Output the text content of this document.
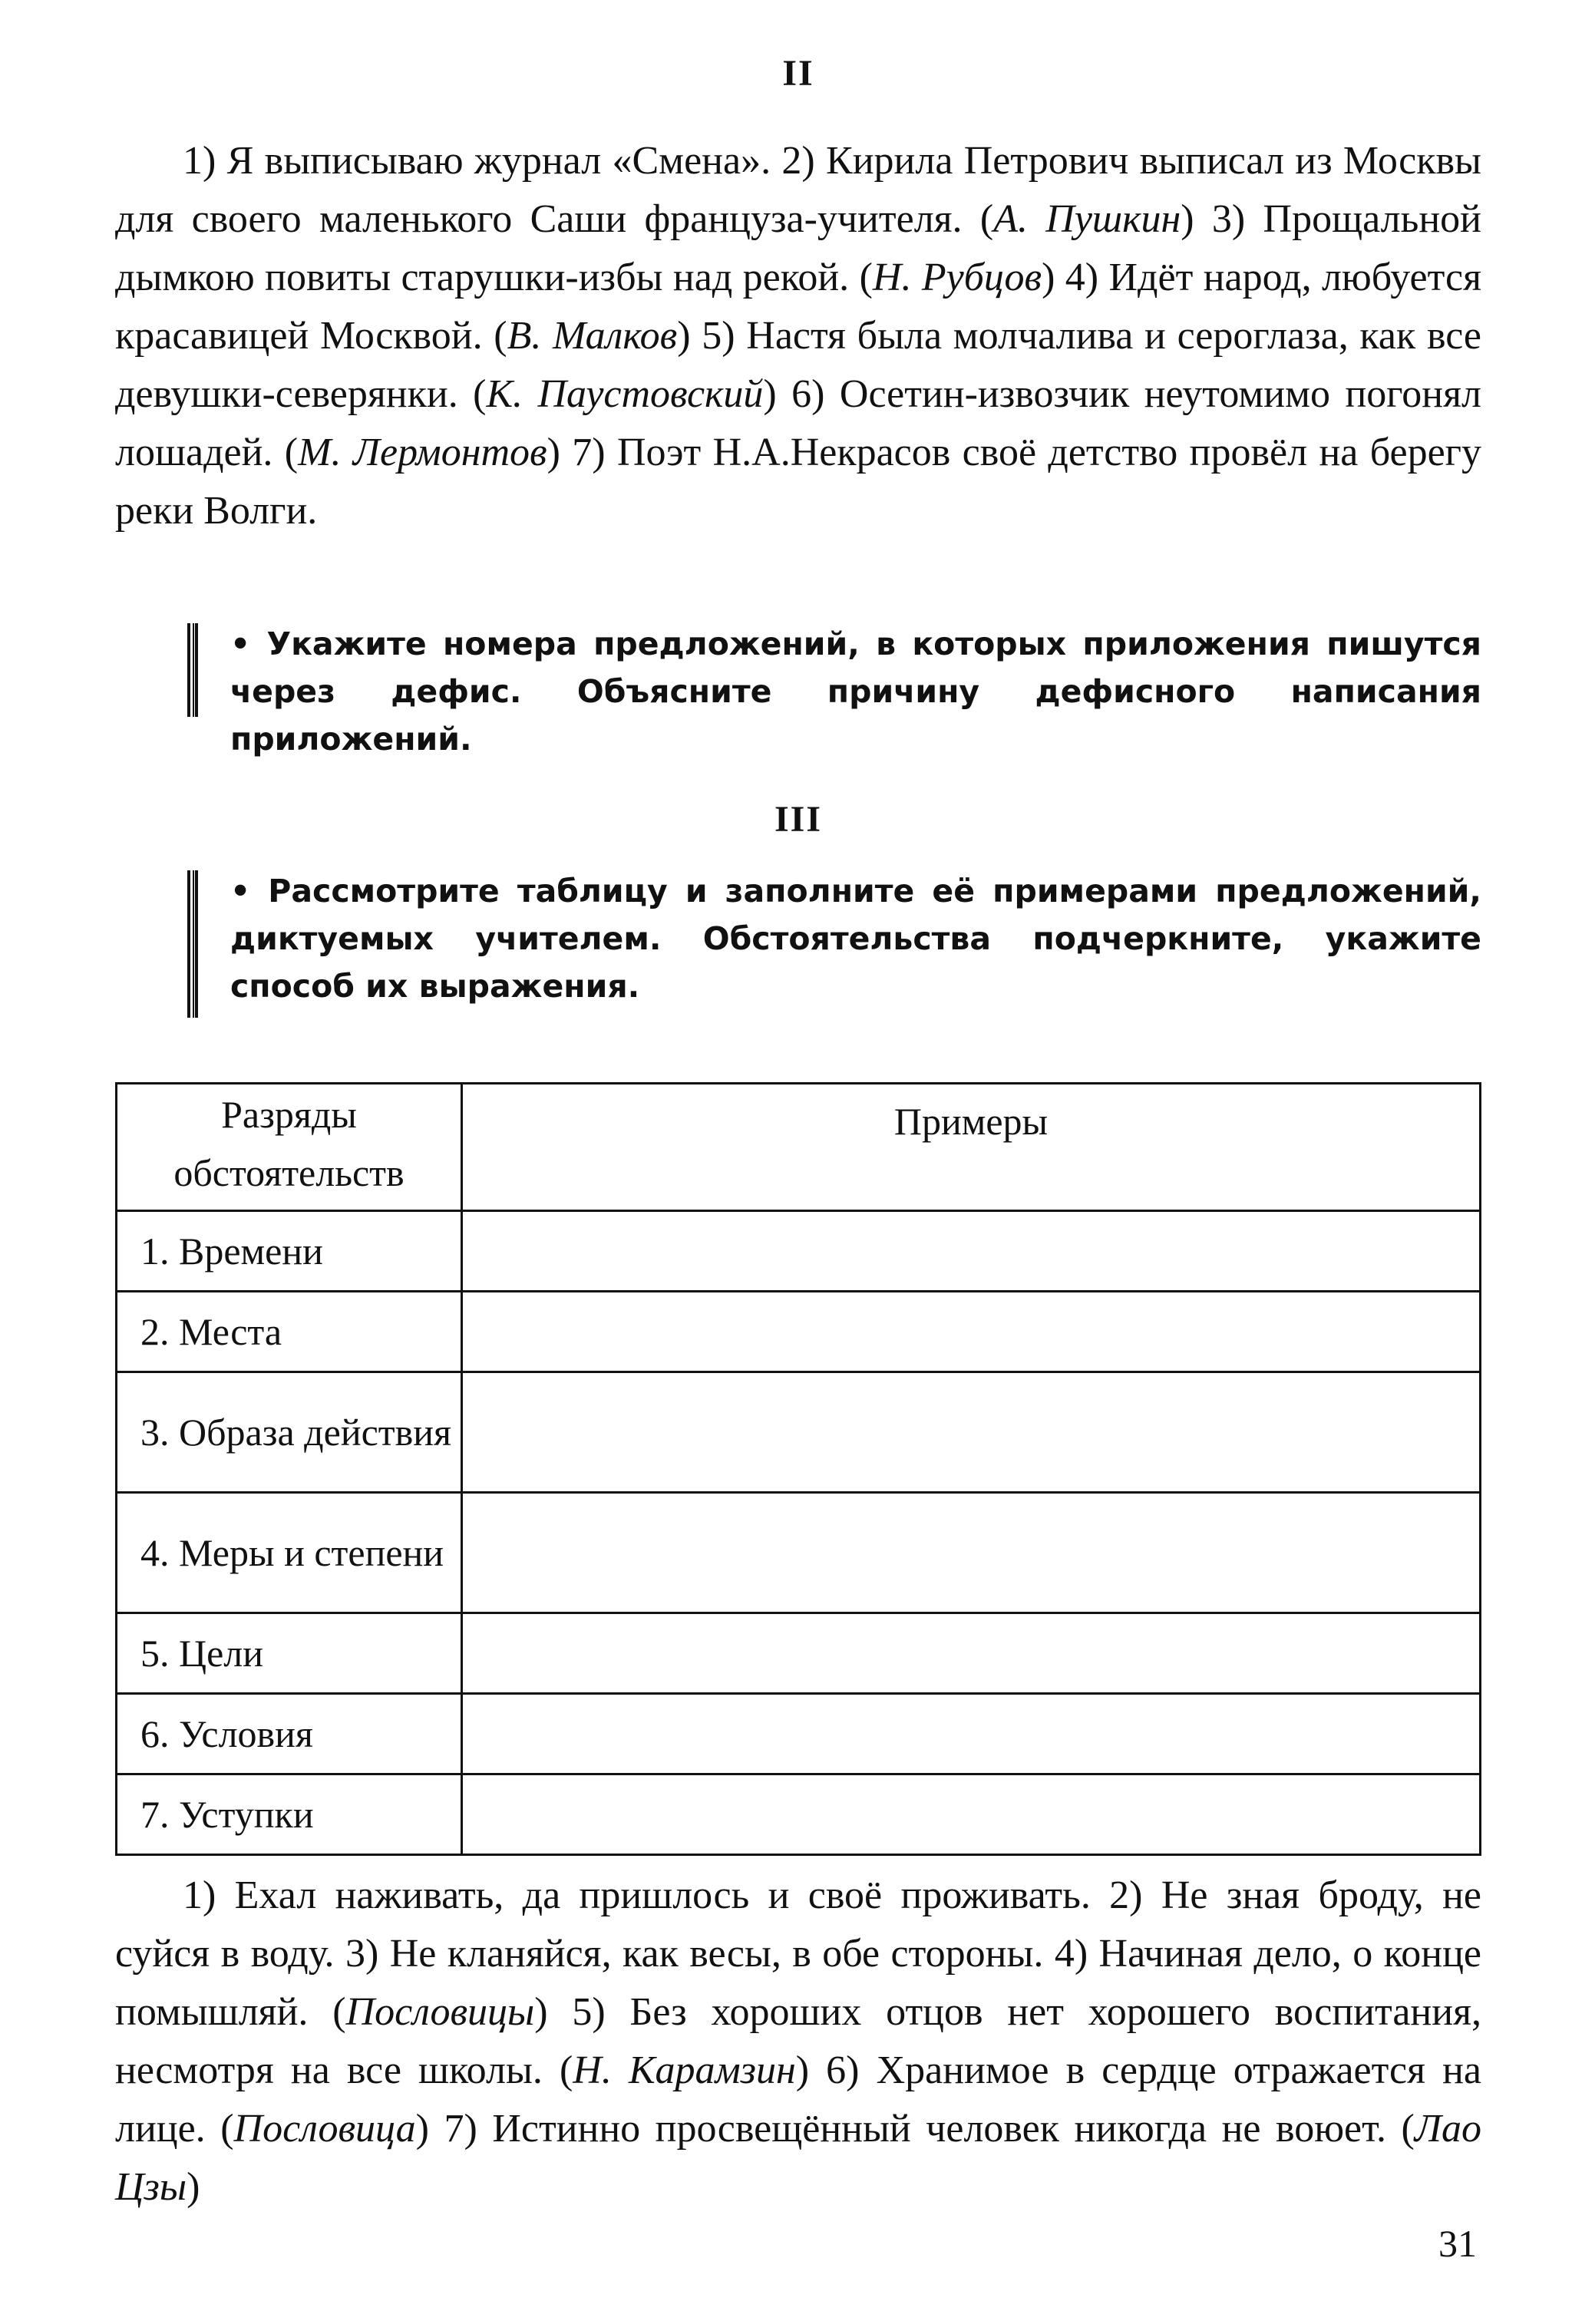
II
1) Я выписываю журнал «Смена». 2) Кирила Петрович выписал из Москвы для своего маленького Саши француза-учителя. (А. Пушкин) 3) Прощальной дымкою повиты старушки-избы над рекой. (Н. Рубцов) 4) Идёт народ, любуется красавицей Москвой. (В. Малков) 5) Настя была молчалива и сероглаза, как все девушки-северянки. (К. Паустовский) 6) Осетин-извозчик неутомимо погонял лошадей. (М. Лермонтов) 7) Поэт Н.А.Некрасов своё детство провёл на берегу реки Волги.
• Укажите номера предложений, в которых приложения пишутся через дефис. Объясните причину дефисного написания приложений.
III
• Рассмотрите таблицу и заполните её примерами предложений, диктуемых учителем. Обстоятельства подчеркните, укажите способ их выражения.
Разряды обстоятельств	Примеры
1. Времени	
2. Места	
3. Образа действия	
4. Меры и степени	
5. Цели	
6. Условия	
7. Уступки	
1) Ехал наживать, да пришлось и своё проживать. 2) Не зная броду, не суйся в воду. 3) Не кланяйся, как весы, в обе стороны. 4) Начиная дело, о конце помышляй. (Пословицы) 5) Без хороших отцов нет хорошего воспитания, несмотря на все школы. (Н. Карамзин) 6) Хранимое в сердце отражается на лице. (Пословица) 7) Истинно просвещённый человек никогда не воюет. (Лао Цзы)
31
